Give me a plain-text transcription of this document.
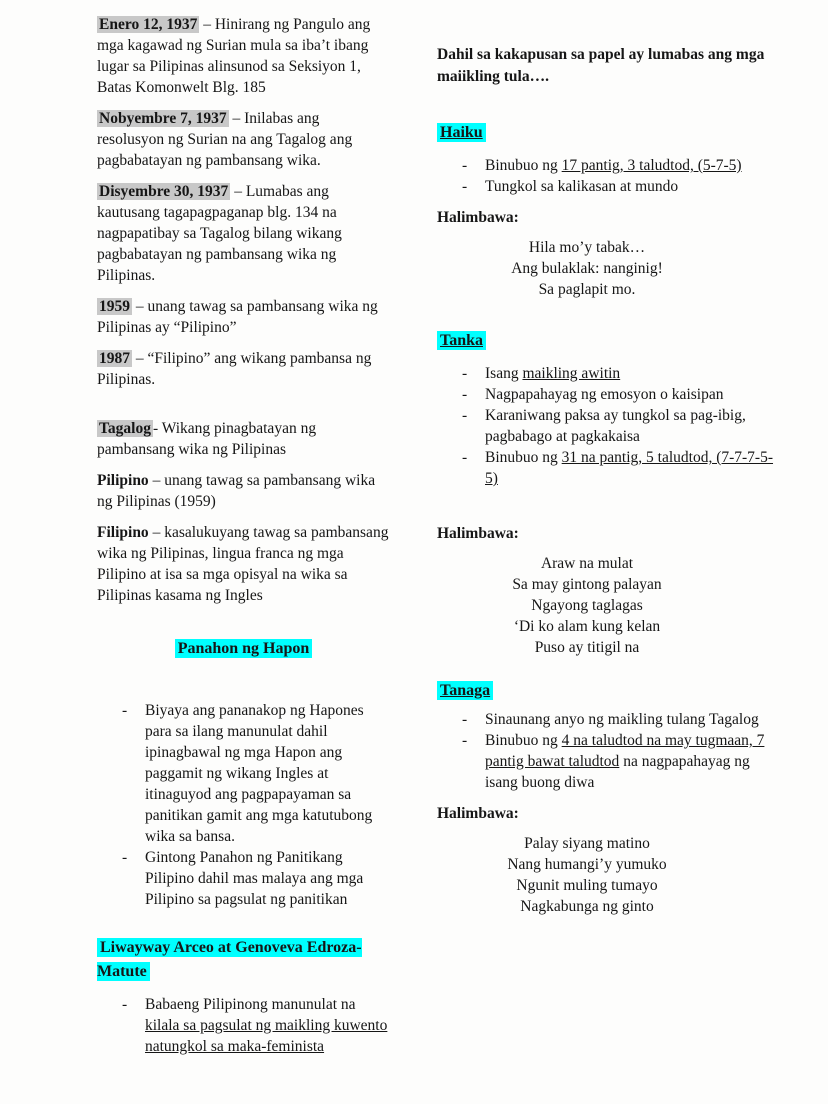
Enero 12, 1937 – Hinirang ng Pangulo ang mga kagawad ng Surian mula sa iba’t ibang lugar sa Pilipinas alinsunod sa Seksiyon 1, Batas Komonwelt Blg. 185

Nobyembre 7, 1937 – Inilabas ang resolusyon ng Surian na ang Tagalog ang pagbabatayan ng pambansang wika.

Disyembre 30, 1937 – Lumabas ang kautusang tagapagpaganap blg. 134 na nagpapatibay sa Tagalog bilang wikang pagbabatayan ng pambansang wika ng Pilipinas.

1959 – unang tawag sa pambansang wika ng Pilipinas ay “Pilipino”

1987 – “Filipino” ang wikang pambansa ng Pilipinas.

Tagalog - Wikang pinagbatayan ng pambansang wika ng Pilipinas

Pilipino – unang tawag sa pambansang wika ng Pilipinas (1959)

Filipino – kasalukuyang tawag sa pambansang wika ng Pilipinas, lingua franca ng mga Pilipino at isa sa mga opisyal na wika sa Pilipinas kasama ng Ingles

Panahon ng Hapon
- Biyaya ang pananakop ng Hapones para sa ilang manunulat dahil ipinagbawal ng mga Hapon ang paggamit ng wikang Ingles at itinaguyod ang pagpapayaman sa panitikan gamit ang mga katutubong wika sa bansa.
- Gintong Panahon ng Panitikang Pilipino dahil mas malaya ang mga Pilipino sa pagsulat ng panitikan
Liwayway Arceo at Genoveva Edroza-Matute
- Babaeng Pilipinong manunulat na kilala sa pagsulat ng maikling kuwento natungkol sa maka-feminista

Dahil sa kakapusan sa papel ay lumabas ang mga maiikling tula….

Haiku
- Binubuo ng 17 pantig, 3 taludtod, (5-7-5)
- Tungkol sa kalikasan at mundo

Halimbawa:

Hila mo’y tabak…
Ang bulaklak: nanginig!
Sa paglapit mo.
Tanka
- Isang maikling awitin
- Nagpapahayag ng emosyon o kaisipan
- Karaniwang paksa ay tungkol sa pag-ibig, pagbabago at pagkakaisa
- Binubuo ng 31 na pantig, 5 taludtod, (7-7-7-5-5)

Halimbawa:

Araw na mulat
Sa may gintong palayan
Ngayong taglagas
‘Di ko alam kung kelan
Puso ay titigil na
Tanaga
- Sinaunang anyo ng maikling tulang Tagalog
- Binubuo ng 4 na taludtod na may tugmaan, 7 pantig bawat taludtod na nagpapahayag ng isang buong diwa

Halimbawa:

Palay siyang matino
Nang humangi’y yumuko
Ngunit muling tumayo
Nagkabunga ng ginto
